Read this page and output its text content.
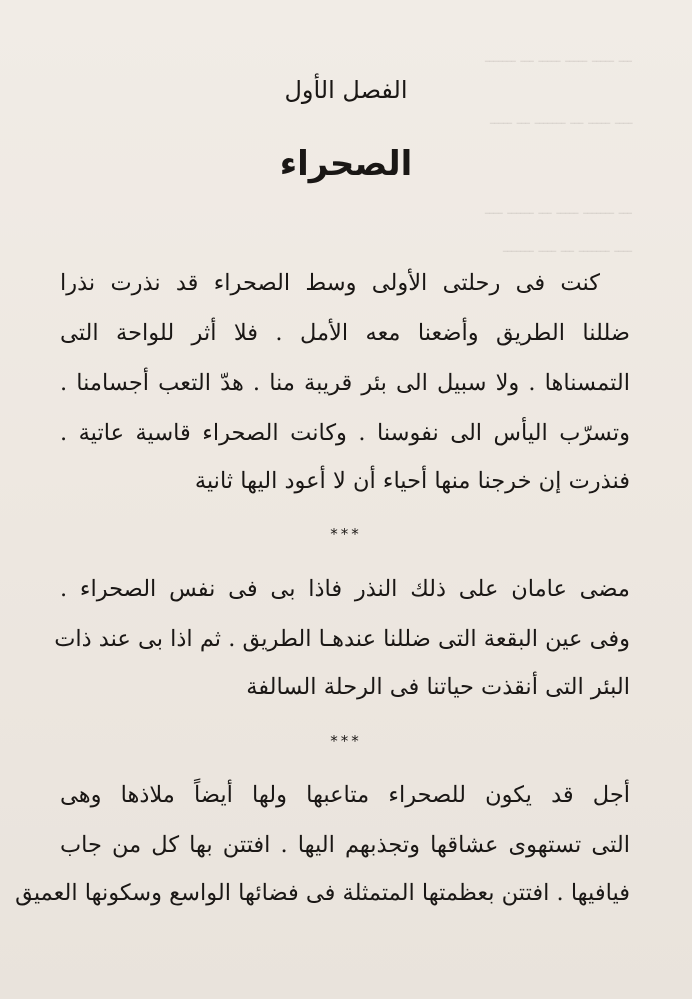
ـــــــ ـــ ـــــ ـــــ ـــــ ـــ
ـــــ ـــ ـــــــ ـــ ـــــ ــــ
ــــ ــــــ ـــ ـــــ ـــــــ ـــ
ـــــــ ــــ ـــ ـــــــ ــــ
الفصل الأول
الصحراء
كنت فى رحلتى الأولى وسط الصحراء قد نذرت نذرا
ضللنا الطريق وأضعنا معه الأمل . فلا أثر للواحة التى
التمسناها . ولا سبيل الى بئر قريبة منا . هدّ التعب أجسامنا .
وتسرّب اليأس الى نفوسنا . وكانت الصحراء قاسية عاتية .
فنذرت إن خرجنا منها أحياء أن لا أعود اليها ثانية
***
مضى عامان على ذلك النذر فاذا بى فى نفس الصحراء .
وفى عين البقعة التى ضللنا عندهـا الطريق . ثم اذا بى عند ذات
البئر التى أنقذت حياتنا فى الرحلة السالفة
***
أجل قد يكون للصحراء متاعبها ولها أيضاً ملاذها وهى
التى تستهوى عشاقها وتجذبهم اليها . افتتن بها كل من جاب
فيافيها . افتتن بعظمتها المتمثلة فى فضائها الواسع وسكونها العميق
